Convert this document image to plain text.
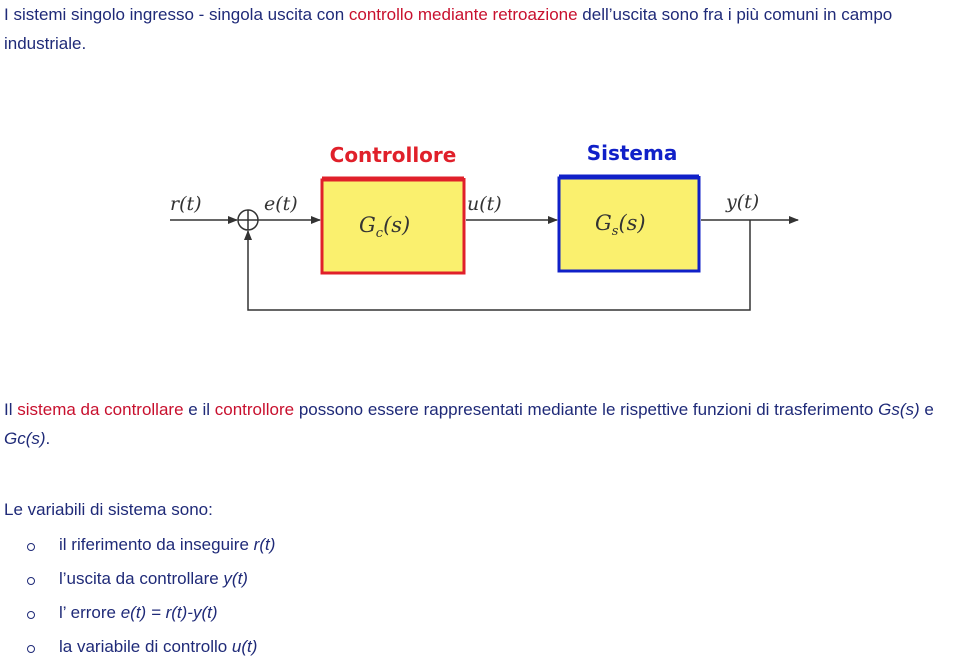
I sistemi singolo ingresso - singola uscita con controllo mediante retroazione dell’uscita sono fra i più comuni in campo industriale.

Controllore	Sistema
$G_c(s)$	$G_s(s)$
r(t)	e(t)	u(t)	y(t)

Il sistema da controllare e il controllore possono essere rappresentati mediante le rispettive funzioni di trasferimento Gs(s) e Gc(s).

Le variabili di sistema sono:

il riferimento da inseguire r(t)
l’uscita da controllare y(t)
l’ errore e(t) = r(t)-y(t)
la variabile di controllo u(t)
